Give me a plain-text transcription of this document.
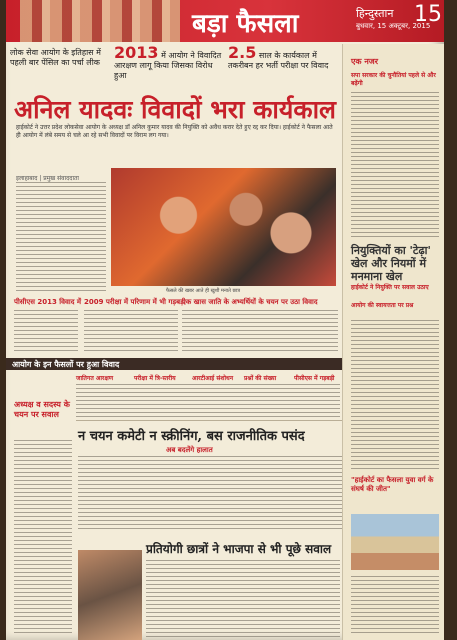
बड़ा फैसला	हिन्दुस्तान 15
बुधवार, 15 अक्टूबर, 2015
लोक सेवा आयोग के इतिहास में पहली बार पेंसिल का पर्चा लीक
2013 में आयोग ने विवादित आरक्षण लागू किया जिसका विरोध हुआ
2.5 साल के कार्यकाल में तकरीबन हर भर्ती परीक्षा पर विवाद
अनिल यादवः विवादों भरा कार्यकाल
हाईकोर्ट ने उत्तर प्रदेश लोकसेवा आयोग के अध्यक्ष डॉ अनिल कुमार यादव की नियुक्ति को अवैध करार देते हुए रद्द कर दिया। हाईकोर्ट ने फैसला आते ही आयोग में लंबे समय से चले आ रहे सभी विवादों पर विराम लग गया।
इलाहाबाद | प्रमुख संवाददाता
फैसले की खबर आते ही खुशी मनाते छात्र
पीसीएस 2013 विवाद में 2009 परीक्षा में परिणाम में भी गड़बड़ी
एक खास जाति के अभ्यर्थियों के चयन पर उठा विवाद
आयोग के इन फैसलों पर हुआ विवाद
जातिगत आरक्षण	परीक्षा में त्रि-स्तरीय	आरटीआई संशोधन प्रश्नों की संख्या	पीसीएस में गड़बड़ी
अध्यक्ष व सदस्य के चयन पर सवाल
न चयन कमेटी न स्क्रीनिंग, बस राजनीतिक पसंद
अब बदलेंगे हालात
प्रतियोगी छात्रों ने भाजपा से भी पूछे सवाल
एक नजर
सपा सरकार की चुनौतियां पहले से और बढ़ेंगी
नियुक्तियों का 'टेढ़ा' खेल और नियमों में मनमाना खेल
हाईकोर्ट ने नियुक्ति पर सवाल उठाए
आयोग की स्वायत्तता पर प्रश्न
"हाईकोर्ट का फैसला युवा वर्ग के संघर्ष की जीत"
